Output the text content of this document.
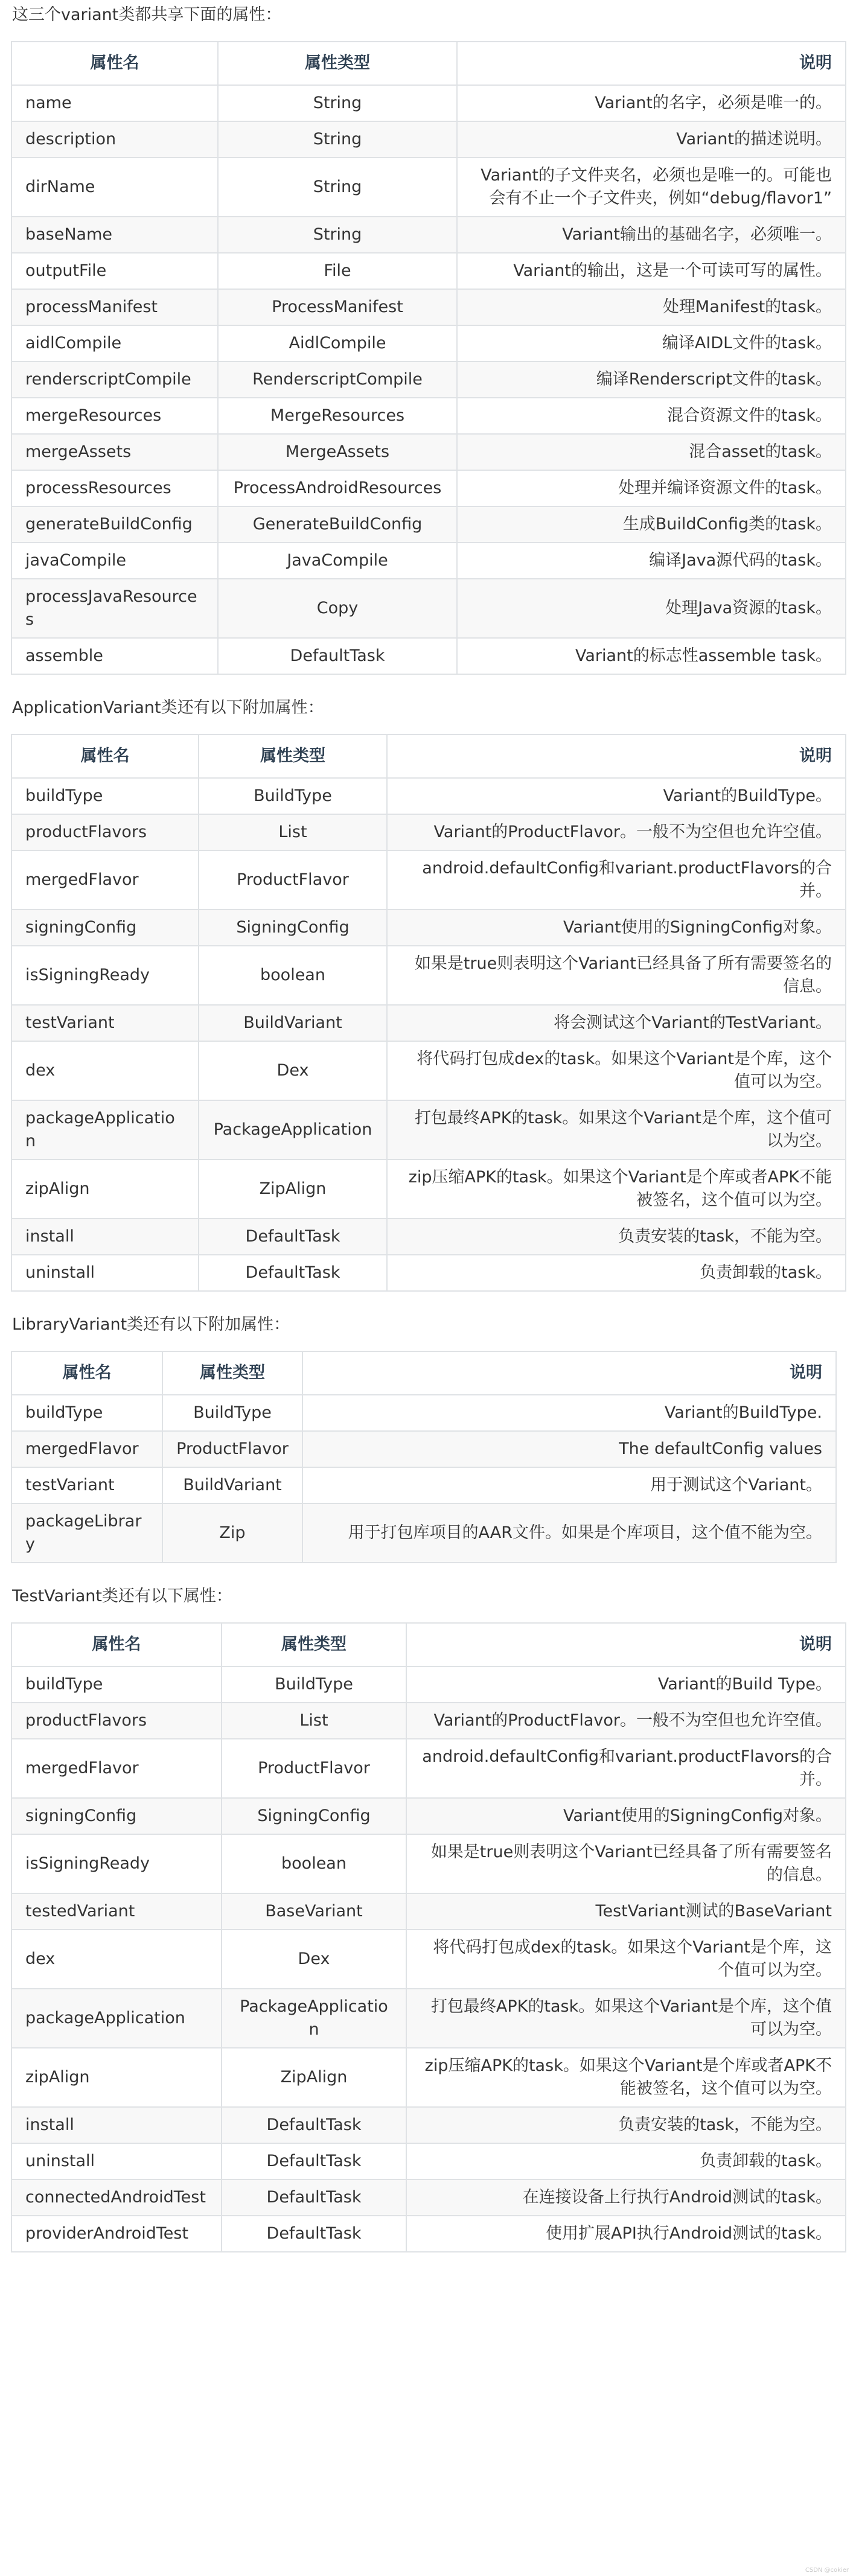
这三个variant类都共享下面的属性：
属性名	属性类型	说明
name	String	Variant的名字，必须是唯一的。
description	String	Variant的描述说明。
dirName	String	Variant的子文件夹名，必须也是唯一的。可能也会有不止一个子文件夹，例如“debug/flavor1”
baseName	String	Variant输出的基础名字，必须唯一。
outputFile	File	Variant的输出，这是一个可读可写的属性。
processManifest	ProcessManifest	处理Manifest的task。
aidlCompile	AidlCompile	编译AIDL文件的task。
renderscriptCompile	RenderscriptCompile	编译Renderscript文件的task。
mergeResources	MergeResources	混合资源文件的task。
mergeAssets	MergeAssets	混合asset的task。
processResources	ProcessAndroidResources	处理并编译资源文件的task。
generateBuildConfig	GenerateBuildConfig	生成BuildConfig类的task。
javaCompile	JavaCompile	编译Java源代码的task。
processJavaResources	Copy	处理Java资源的task。
assemble	DefaultTask	Variant的标志性assemble task。
ApplicationVariant类还有以下附加属性：
属性名	属性类型	说明
buildType	BuildType	Variant的BuildType。
productFlavors	List	Variant的ProductFlavor。一般不为空但也允许空值。
mergedFlavor	ProductFlavor	android.defaultConfig和variant.productFlavors的合并。
signingConfig	SigningConfig	Variant使用的SigningConfig对象。
isSigningReady	boolean	如果是true则表明这个Variant已经具备了所有需要签名的信息。
testVariant	BuildVariant	将会测试这个Variant的TestVariant。
dex	Dex	将代码打包成dex的task。如果这个Variant是个库，这个值可以为空。
packageApplication	PackageApplication	打包最终APK的task。如果这个Variant是个库，这个值可以为空。
zipAlign	ZipAlign	zip压缩APK的task。如果这个Variant是个库或者APK不能被签名，这个值可以为空。
install	DefaultTask	负责安装的task，不能为空。
uninstall	DefaultTask	负责卸载的task。
LibraryVariant类还有以下附加属性：
属性名	属性类型	说明
buildType	BuildType	Variant的BuildType.
mergedFlavor	ProductFlavor	The defaultConfig values
testVariant	BuildVariant	用于测试这个Variant。
packageLibrary	Zip	用于打包库项目的AAR文件。如果是个库项目，这个值不能为空。
TestVariant类还有以下属性：
属性名	属性类型	说明
buildType	BuildType	Variant的Build Type。
productFlavors	List	Variant的ProductFlavor。一般不为空但也允许空值。
mergedFlavor	ProductFlavor	android.defaultConfig和variant.productFlavors的合并。
signingConfig	SigningConfig	Variant使用的SigningConfig对象。
isSigningReady	boolean	如果是true则表明这个Variant已经具备了所有需要签名的信息。
testedVariant	BaseVariant	TestVariant测试的BaseVariant
dex	Dex	将代码打包成dex的task。如果这个Variant是个库，这个值可以为空。
packageApplication	PackageApplication	打包最终APK的task。如果这个Variant是个库，这个值可以为空。
zipAlign	ZipAlign	zip压缩APK的task。如果这个Variant是个库或者APK不能被签名，这个值可以为空。
install	DefaultTask	负责安装的task，不能为空。
uninstall	DefaultTask	负责卸载的task。
connectedAndroidTest	DefaultTask	在连接设备上行执行Android测试的task。
providerAndroidTest	DefaultTask	使用扩展API执行Android测试的task。
CSDN @cokier
